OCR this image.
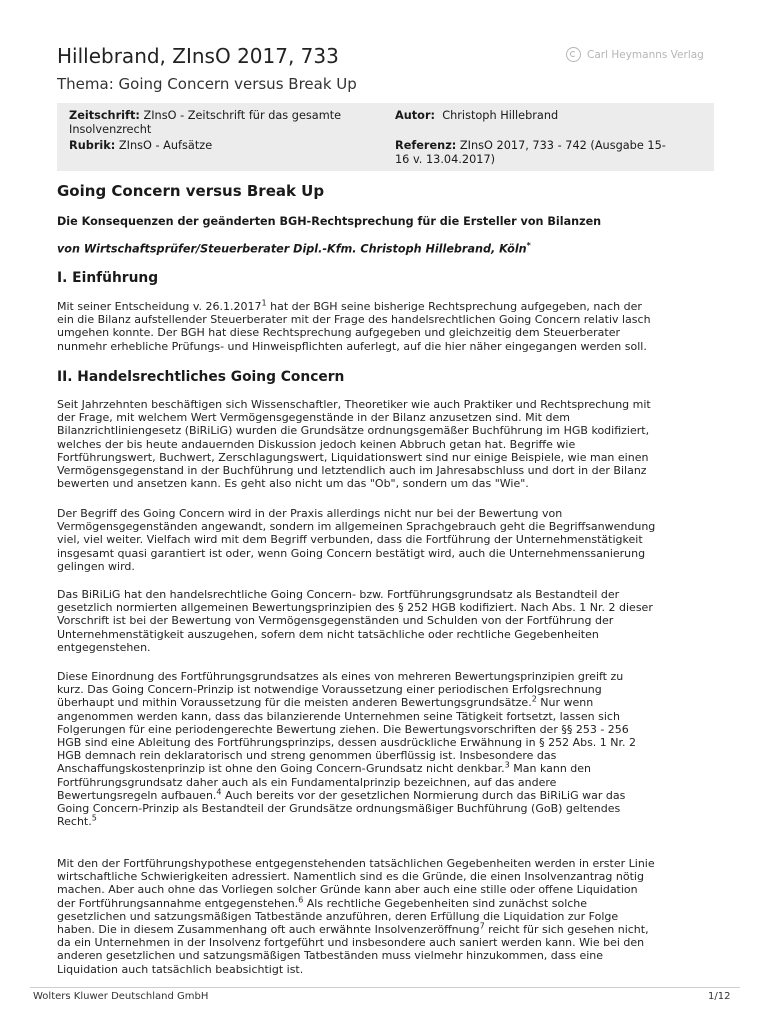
Hillebrand, ZInsO 2017, 733	Carl Heymanns Verlag
Thema: Going Concern versus Break Up
Zeitschrift: ZInsO - Zeitschrift für das gesamte
Insolvenzrecht
Rubrik: ZInsO - Aufsätze
Autor: Christoph Hillebrand
Referenz: ZInsO 2017, 733 - 742 (Ausgabe 15-
16 v. 13.04.2017)
Going Concern versus Break Up
Die Konsequenzen der geänderten BGH-Rechtsprechung für die Ersteller von Bilanzen
von Wirtschaftsprüfer/Steuerberater Dipl.-Kfm. Christoph Hillebrand, Köln*
I. Einführung
Mit seiner Entscheidung v. 26.1.2017$^1$ hat der BGH seine bisherige Rechtsprechung aufgegeben, nach der
ein die Bilanz aufstellender Steuerberater mit der Frage des handelsrechtlichen Going Concern relativ lasch
umgehen konnte. Der BGH hat diese Rechtsprechung aufgegeben und gleichzeitig dem Steuerberater
nunmehr erhebliche Prüfungs- und Hinweispflichten auferlegt, auf die hier näher eingegangen werden soll.
II. Handelsrechtliches Going Concern
Seit Jahrzehnten beschäftigen sich Wissenschaftler, Theoretiker wie auch Praktiker und Rechtsprechung mit
der Frage, mit welchem Wert Vermögensgegenstände in der Bilanz anzusetzen sind. Mit dem
Bilanzrichtliniengesetz (BiRiLiG) wurden die Grundsätze ordnungsgemäßer Buchführung im HGB kodifiziert,
welches der bis heute andauernden Diskussion jedoch keinen Abbruch getan hat. Begriffe wie
Fortführungswert, Buchwert, Zerschlagungswert, Liquidationswert sind nur einige Beispiele, wie man einen
Vermögensgegenstand in der Buchführung und letztendlich auch im Jahresabschluss und dort in der Bilanz
bewerten und ansetzen kann. Es geht also nicht um das "Ob", sondern um das "Wie".
Der Begriff des Going Concern wird in der Praxis allerdings nicht nur bei der Bewertung von
Vermögensgegenständen angewandt, sondern im allgemeinen Sprachgebrauch geht die Begriffsanwendung
viel, viel weiter. Vielfach wird mit dem Begriff verbunden, dass die Fortführung der Unternehmenstätigkeit
insgesamt quasi garantiert ist oder, wenn Going Concern bestätigt wird, auch die Unternehmenssanierung
gelingen wird.
Das BiRiLiG hat den handelsrechtliche Going Concern- bzw. Fortführungsgrundsatz als Bestandteil der
gesetzlich normierten allgemeinen Bewertungsprinzipien des § 252 HGB kodifiziert. Nach Abs. 1 Nr. 2 dieser
Vorschrift ist bei der Bewertung von Vermögensgegenständen und Schulden von der Fortführung der
Unternehmenstätigkeit auszugehen, sofern dem nicht tatsächliche oder rechtliche Gegebenheiten
entgegenstehen.
Diese Einordnung des Fortführungsgrundsatzes als eines von mehreren Bewertungsprinzipien greift zu
kurz. Das Going Concern-Prinzip ist notwendige Voraussetzung einer periodischen Erfolgsrechnung
überhaupt und mithin Voraussetzung für die meisten anderen Bewertungsgrundsätze.$^2$ Nur wenn
angenommen werden kann, dass das bilanzierende Unternehmen seine Tätigkeit fortsetzt, lassen sich
Folgerungen für eine periodengerechte Bewertung ziehen. Die Bewertungsvorschriften der §§ 253 - 256
HGB sind eine Ableitung des Fortführungsprinzips, dessen ausdrückliche Erwähnung in § 252 Abs. 1 Nr. 2
HGB demnach rein deklaratorisch und streng genommen überflüssig ist. Insbesondere das
Anschaffungskostenprinzip ist ohne den Going Concern-Grundsatz nicht denkbar.$^3$ Man kann den
Fortführungsgrundsatz daher auch als ein Fundamentalprinzip bezeichnen, auf das andere
Bewertungsregeln aufbauen.$^4$ Auch bereits vor der gesetzlichen Normierung durch das BiRiLiG war das
Going Concern-Prinzip als Bestandteil der Grundsätze ordnungsmäßiger Buchführung (GoB) geltendes
Recht.$^5$
Mit den der Fortführungshypothese entgegenstehenden tatsächlichen Gegebenheiten werden in erster Linie
wirtschaftliche Schwierigkeiten adressiert. Namentlich sind es die Gründe, die einen Insolvenzantrag nötig
machen. Aber auch ohne das Vorliegen solcher Gründe kann aber auch eine stille oder offene Liquidation
der Fortführungsannahme entgegenstehen.$^6$ Als rechtliche Gegebenheiten sind zunächst solche
gesetzlichen und satzungsmäßigen Tatbestände anzuführen, deren Erfüllung die Liquidation zur Folge
haben. Die in diesem Zusammenhang oft auch erwähnte Insolvenzeröffnung$^7$ reicht für sich gesehen nicht,
da ein Unternehmen in der Insolvenz fortgeführt und insbesondere auch saniert werden kann. Wie bei den
anderen gesetzlichen und satzungsmäßigen Tatbeständen muss vielmehr hinzukommen, dass eine
Liquidation auch tatsächlich beabsichtigt ist.
Wolters Kluwer Deutschland GmbH	1/12
